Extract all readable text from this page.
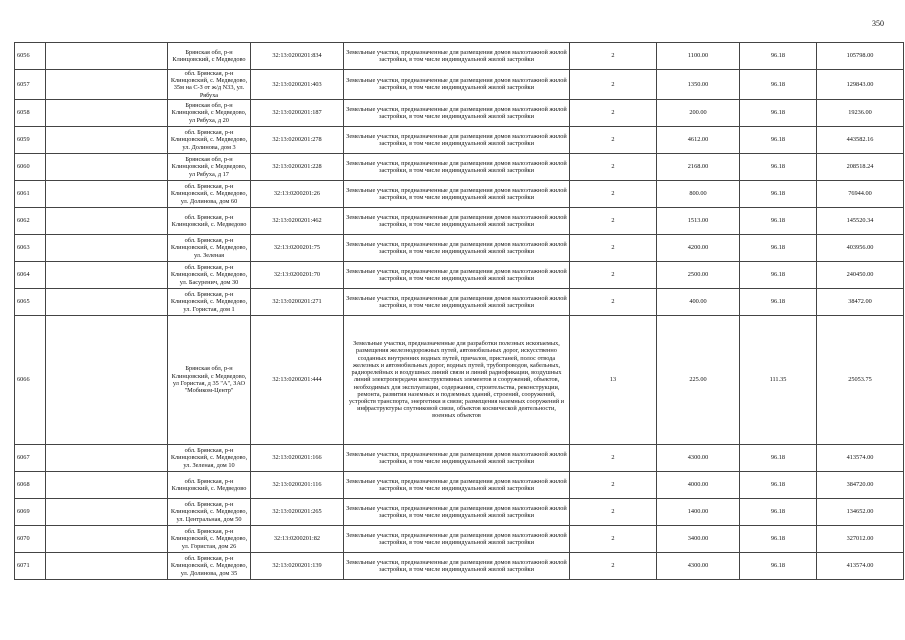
350
6056		Брянская обл, р-н Клинцовский, с Медведово	32:13:0200201:834	Земельные участки, предназначенные для размещения домов малоэтажной жилой застройки, в том числе индивидуальной жилой застройки	2	1100.00	96.18	105798.00
6057		обл. Брянская, р-н Клинцовский, с. Медведово, 35м на С-З от ж/д N33, ул. Рябуха	32:13:0200201:403	Земельные участки, предназначенные для размещения домов малоэтажной жилой застройки, в том числе индивидуальной жилой застройки	2	1350.00	96.18	129843.00
6058		Брянская обл, р-н Клинцовский, с Медведово, ул Рябуха, д 20	32:13:0200201:187	Земельные участки, предназначенные для размещения домов малоэтажной жилой застройки, в том числе индивидуальной жилой застройки	2	200.00	96.18	19236.00
6059		обл. Брянская, р-н Клинцовский, с. Медведово, ул. Долинова, дом 3	32:13:0200201:278	Земельные участки, предназначенные для размещения домов малоэтажной жилой застройки, в том числе индивидуальной жилой застройки	2	4612.00	96.18	443582.16
6060		Брянская обл, р-н Клинцовский, с Медведово, ул Рябуха, д 17	32:13:0200201:228	Земельные участки, предназначенные для размещения домов малоэтажной жилой застройки, в том числе индивидуальной жилой застройки	2	2168.00	96.18	208518.24
6061		обл. Брянская, р-н Клинцовский, с. Медведово, ул. Долинова, дом 60	32:13:0200201:26	Земельные участки, предназначенные для размещения домов малоэтажной жилой застройки, в том числе индивидуальной жилой застройки	2	800.00	96.18	76944.00
6062		обл. Брянская, р-н Клинцовский, с. Медведово	32:13:0200201:462	Земельные участки, предназначенные для размещения домов малоэтажной жилой застройки, в том числе индивидуальной жилой застройки	2	1513.00	96.18	145520.34
6063		обл. Брянская, р-н Клинцовский, с. Медведово, ул. Зеленая	32:13:0200201:75	Земельные участки, предназначенные для размещения домов малоэтажной жилой застройки, в том числе индивидуальной жилой застройки	2	4200.00	96.18	403956.00
6064		обл. Брянская, р-н Клинцовский, с. Медведово, ул. Басуренич, дом 30	32:13:0200201:70	Земельные участки, предназначенные для размещения домов малоэтажной жилой застройки, в том числе индивидуальной жилой застройки	2	2500.00	96.18	240450.00
6065		обл. Брянская, р-н Клинцовский, с. Медведово, ул. Гористая, дом 1	32:13:0200201:271	Земельные участки, предназначенные для размещения домов малоэтажной жилой застройки, в том числе индивидуальной жилой застройки	2	400.00	96.18	38472.00
6066		Брянская обл, р-н Клинцовский, с Медведово, ул Гористая, д 35 "А", ЗАО "Мобиком-Центр"	32:13:0200201:444	Земельные участки, предназначенные для разработки полезных ископаемых, размещения железнодорожных путей, автомобильных дорог, искусственно созданных внутренних водных путей, причалов, пристаней, полос отвода железных и автомобильных дорог, водных путей, трубопроводов, кабельных, радиорелейных и воздушных линий связи и линий радиофикации, воздушных линий электропередачи конструктивных элементов и сооружений, объектов, необходимых для эксплуатации, содержания, строительства, реконструкции, ремонта, развития наземных и подземных зданий, строений, сооружений, устройств транспорта, энергетики и связи; размещения наземных сооружений и инфраструктуры спутниковой связи, объектов космической деятельности, военных объектов	13	225.00	111.35	25053.75
6067		обл. Брянская, р-н Клинцовский, с. Медведово, ул. Зеленая, дом 10	32:13:0200201:166	Земельные участки, предназначенные для размещения домов малоэтажной жилой застройки, в том числе индивидуальной жилой застройки	2	4300.00	96.18	413574.00
6068		обл. Брянская, р-н Клинцовский, с. Медведово	32:13:0200201:116	Земельные участки, предназначенные для размещения домов малоэтажной жилой застройки, в том числе индивидуальной жилой застройки	2	4000.00	96.18	384720.00
6069		обл. Брянская, р-н Клинцовский, с. Медведово, ул. Центральная, дом 50	32:13:0200201:265	Земельные участки, предназначенные для размещения домов малоэтажной жилой застройки, в том числе индивидуальной жилой застройки	2	1400.00	96.18	134652.00
6070		обл. Брянская, р-н Клинцовский, с. Медведово, ул. Гористая, дом 26	32:13:0200201:82	Земельные участки, предназначенные для размещения домов малоэтажной жилой застройки, в том числе индивидуальной жилой застройки	2	3400.00	96.18	327012.00
6071		обл. Брянская, р-н Клинцовский, с. Медведово, ул. Долинова, дом 35	32:13:0200201:139	Земельные участки, предназначенные для размещения домов малоэтажной жилой застройки, в том числе индивидуальной жилой застройки	2	4300.00	96.18	413574.00
